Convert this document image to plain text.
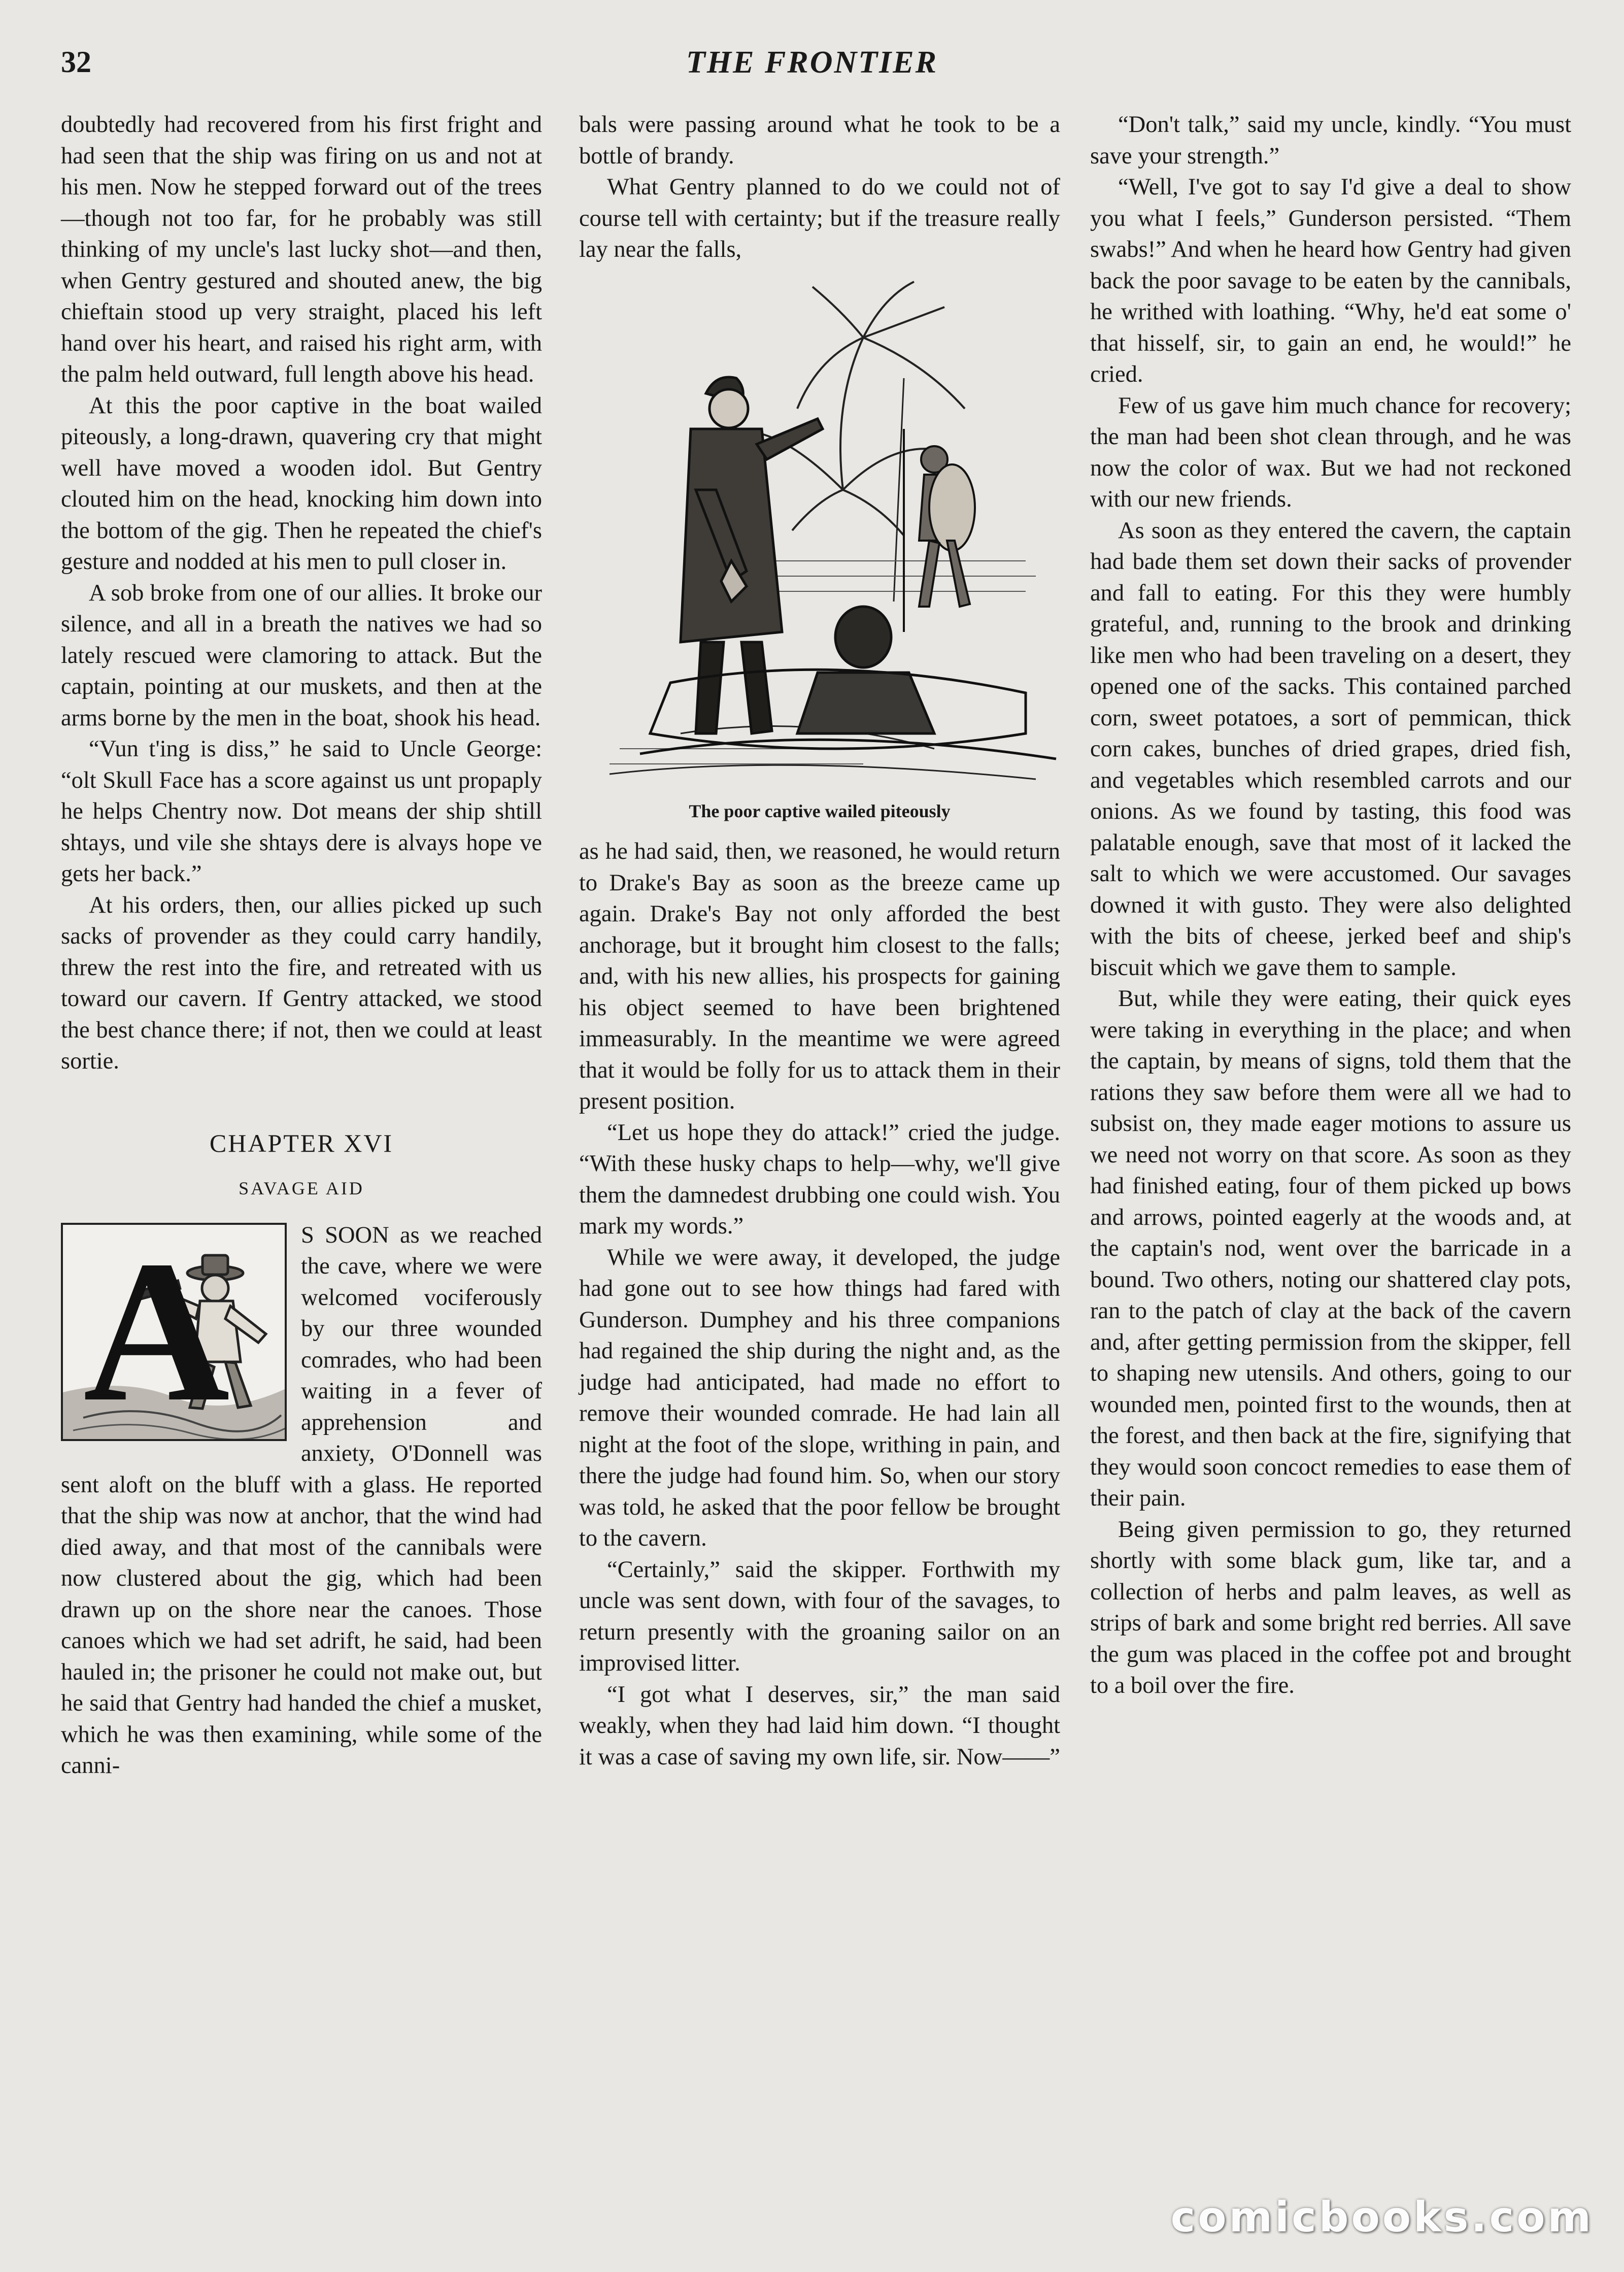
32	THE FRONTIER

doubtedly had recovered from his first fright and had seen that the ship was firing on us and not at his men. Now he stepped forward out of the trees —though not too far, for he probably was still thinking of my uncle's last lucky shot—and then, when Gentry gestured and shouted anew, the big chieftain stood up very straight, placed his left hand over his heart, and raised his right arm, with the palm held outward, full length above his head.

At this the poor captive in the boat wailed piteously, a long-drawn, quavering cry that might well have moved a wooden idol. But Gentry clouted him on the head, knocking him down into the bottom of the gig. Then he repeated the chief's gesture and nodded at his men to pull closer in.

A sob broke from one of our allies. It broke our silence, and all in a breath the natives we had so lately rescued were clamoring to attack. But the captain, pointing at our muskets, and then at the arms borne by the men in the boat, shook his head.

“Vun t'ing is diss,” he said to Uncle George: “olt Skull Face has a score against us unt propaply he helps Chentry now. Dot means der ship shtill shtays, und vile she shtays dere is alvays hope ve gets her back.”

At his orders, then, our allies picked up such sacks of provender as they could carry handily, threw the rest into the fire, and retreated with us toward our cavern. If Gentry attacked, we stood the best chance there; if not, then we could at least sortie.

CHAPTER XVI
SAVAGE AID
A	S SOON as we reached the cave, where we were welcomed vociferously by our three wounded comrades, who had been waiting in a fever of apprehension and anxiety, O'Donnell was sent aloft on the bluff with a glass. He reported that the ship was now at anchor, that the wind had died away, and that most of the cannibals were now clustered about the gig, which had been drawn up on the shore near the canoes. Those canoes which we had set adrift, he said, had been hauled in; the prisoner he could not make out, but he said that Gentry had handed the chief a musket, which he was then examining, while some of the canni-

bals were passing around what he took to be a bottle of brandy.

What Gentry planned to do we could not of course tell with certainty; but if the treasure really lay near the falls,

The poor captive wailed piteously

as he had said, then, we reasoned, he would return to Drake's Bay as soon as the breeze came up again. Drake's Bay not only afforded the best anchorage, but it brought him closest to the falls; and, with his new allies, his prospects for gaining his object seemed to have been brightened immeasurably. In the meantime we were agreed that it would be folly for us to attack them in their present position.

“Let us hope they do attack!” cried the judge. “With these husky chaps to help—why, we'll give them the damnedest drubbing one could wish. You mark my words.”

While we were away, it developed, the judge had gone out to see how things had fared with Gunderson. Dumphey and his three companions had regained the ship during the night and, as the judge had anticipated, had made no effort to remove their wounded comrade. He had lain all night at the foot of the slope, writhing in pain, and there the judge had found him. So, when our story was told, he asked that the poor fellow be brought to the cavern.

“Certainly,” said the skipper. Forthwith my uncle was sent down, with four of the savages, to return presently with the groaning sailor on an improvised litter.

“I got what I deserves, sir,” the man said weakly, when they had laid him down. “I thought it was a case of saving my own life, sir. Now——”

“Don't talk,” said my uncle, kindly. “You must save your strength.”

“Well, I've got to say I'd give a deal to show you what I feels,” Gunderson persisted. “Them swabs!” And when he heard how Gentry had given back the poor savage to be eaten by the cannibals, he writhed with loathing. “Why, he'd eat some o' that hisself, sir, to gain an end, he would!” he cried.

Few of us gave him much chance for recovery; the man had been shot clean through, and he was now the color of wax. But we had not reckoned with our new friends.

As soon as they entered the cavern, the captain had bade them set down their sacks of provender and fall to eating. For this they were humbly grateful, and, running to the brook and drinking like men who had been traveling on a desert, they opened one of the sacks. This contained parched corn, sweet potatoes, a sort of pemmican, thick corn cakes, bunches of dried grapes, dried fish, and vegetables which resembled carrots and our onions. As we found by tasting, this food was palatable enough, save that most of it lacked the salt to which we were accustomed. Our savages downed it with gusto. They were also delighted with the bits of cheese, jerked beef and ship's biscuit which we gave them to sample.

But, while they were eating, their quick eyes were taking in everything in the place; and when the captain, by means of signs, told them that the rations they saw before them were all we had to subsist on, they made eager motions to assure us we need not worry on that score. As soon as they had finished eating, four of them picked up bows and arrows, pointed eagerly at the woods and, at the captain's nod, went over the barricade in a bound. Two others, noting our shattered clay pots, ran to the patch of clay at the back of the cavern and, after getting permission from the skipper, fell to shaping new utensils. And others, going to our wounded men, pointed first to the wounds, then at the forest, and then back at the fire, signifying that they would soon concoct remedies to ease them of their pain.

Being given permission to go, they returned shortly with some black gum, like tar, and a collection of herbs and palm leaves, as well as strips of bark and some bright red berries. All save the gum was placed in the coffee pot and brought to a boil over the fire.

comicbooks.com
